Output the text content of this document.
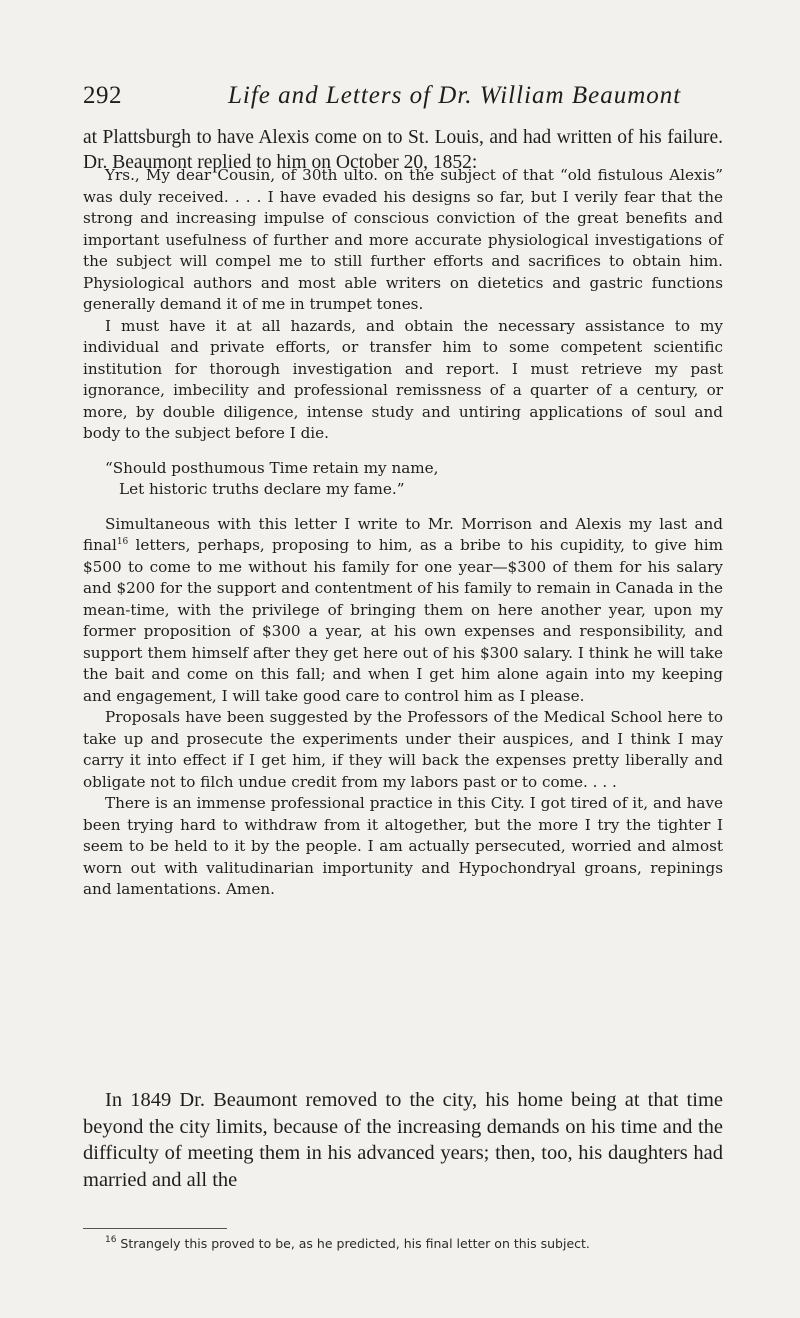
292	Life and Letters of Dr. William Beaumont

at Plattsburgh to have Alexis come on to St. Louis, and had written of his failure. Dr. Beaumont replied to him on October 20, 1852:

Yrs., My dear Cousin, of 30th ulto. on the subject of that “old fistulous Alexis” was duly received. . . . I have evaded his designs so far, but I verily fear that the strong and increasing impulse of conscious conviction of the great benefits and important usefulness of further and more accurate physiological investigations of the subject will compel me to still further efforts and sacrifices to obtain him. Physiological authors and most able writers on dietetics and gastric functions generally demand it of me in trumpet tones.

I must have it at all hazards, and obtain the necessary assistance to my individual and private efforts, or transfer him to some competent scientific institution for thorough investigation and report. I must retrieve my past ignorance, imbecility and professional remissness of a quarter of a century, or more, by double diligence, intense study and untiring applications of soul and body to the subject before I die.

“Should posthumous Time retain my name,
Let historic truths declare my fame.”

Simultaneous with this letter I write to Mr. Morrison and Alexis my last and final$^{16}$ letters, perhaps, proposing to him, as a bribe to his cupidity, to give him $500 to come to me without his family for one year—$300 of them for his salary and $200 for the support and contentment of his family to remain in Canada in the mean-time, with the privilege of bringing them on here another year, upon my former proposition of $300 a year, at his own expenses and responsibility, and support them himself after they get here out of his $300 salary. I think he will take the bait and come on this fall; and when I get him alone again into my keeping and engagement, I will take good care to control him as I please.

Proposals have been suggested by the Professors of the Medical School here to take up and prosecute the experiments under their auspices, and I think I may carry it into effect if I get him, if they will back the expenses pretty liberally and obligate not to filch undue credit from my labors past or to come. . . .

There is an immense professional practice in this City. I got tired of it, and have been trying hard to withdraw from it altogether, but the more I try the tighter I seem to be held to it by the people. I am actually persecuted, worried and almost worn out with valitudinarian importunity and Hypochondryal groans, repinings and lamentations. Amen.

In 1849 Dr. Beaumont removed to the city, his home being at that time beyond the city limits, because of the increasing demands on his time and the difficulty of meeting them in his advanced years; then, too, his daughters had married and all the

$^{16}$ Strangely this proved to be, as he predicted, his final letter on this subject.
